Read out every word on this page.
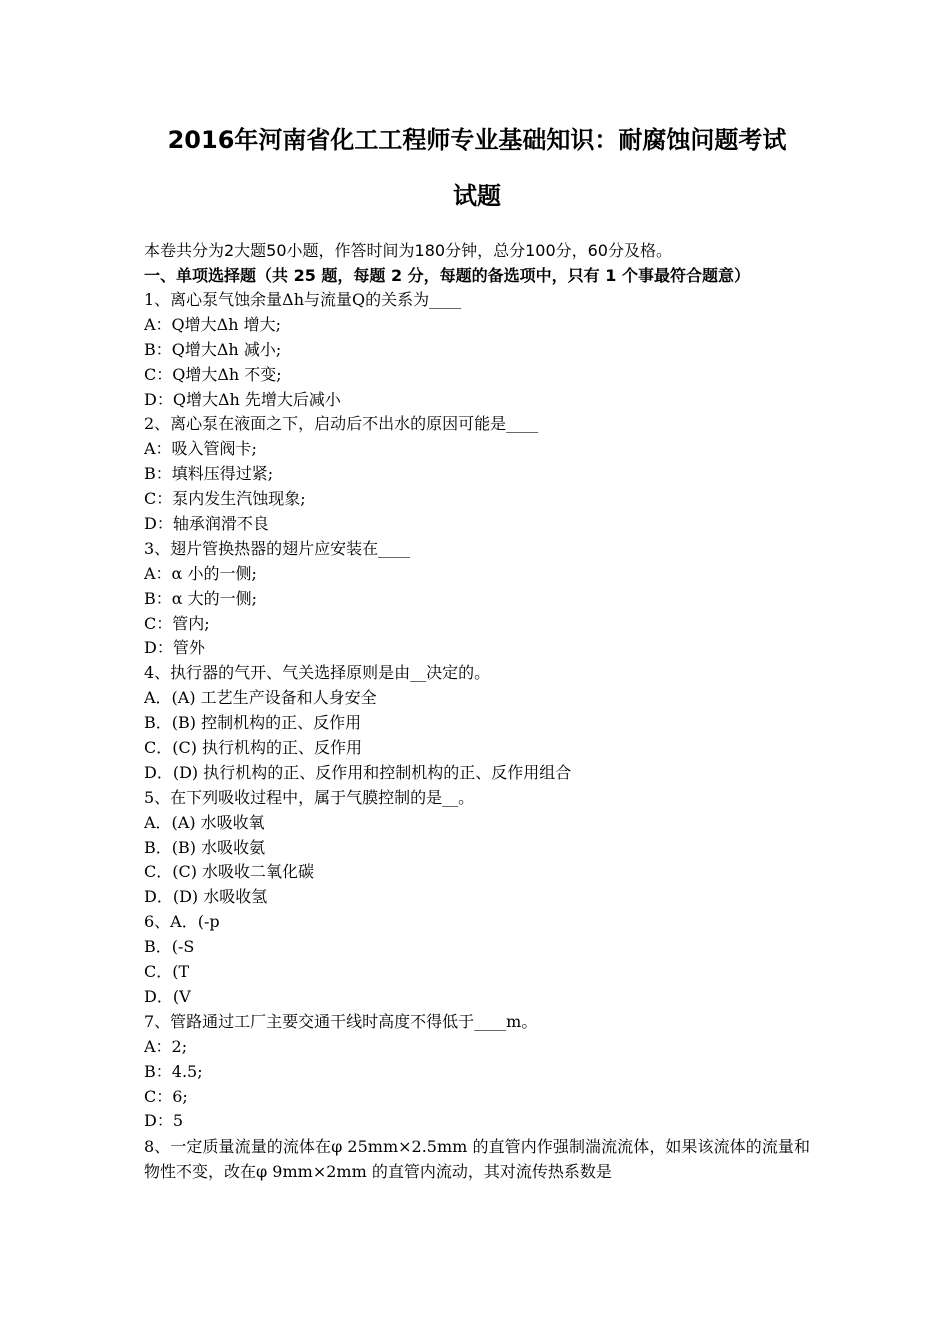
2016年河南省化工工程师专业基础知识：耐腐蚀问题考试
试题
本卷共分为2大题50小题，作答时间为180分钟，总分100分，60分及格。
一、单项选择题（共 25 题，每题 2 分，每题的备选项中，只有 1 个事最符合题意）
1、离心泵气蚀余量Δh与流量Q的关系为____
A：Q增大Δh 增大;
B：Q增大Δh 减小;
C：Q增大Δh 不变;
D：Q增大Δh 先增大后减小
2、离心泵在液面之下，启动后不出水的原因可能是____
A：吸入管阀卡;
B：填料压得过紧;
C：泵内发生汽蚀现象;
D：轴承润滑不良
3、翅片管换热器的翅片应安装在____
A：α 小的一侧;
B：α 大的一侧;
C：管内;
D：管外
4、执行器的气开、气关选择原则是由__决定的。
A．(A) 工艺生产设备和人身安全
B．(B) 控制机构的正、反作用
C．(C) 执行机构的正、反作用
D．(D) 执行机构的正、反作用和控制机构的正、反作用组合
5、在下列吸收过程中，属于气膜控制的是__。
A．(A) 水吸收氧
B．(B) 水吸收氨
C．(C) 水吸收二氧化碳
D．(D) 水吸收氢
6、A．(-p
B．(-S
C．(T
D．(V
7、管路通过工厂主要交通干线时高度不得低于____m。
A：2;
B：4.5;
C：6;
D：5
8、一定质量流量的流体在φ 25mm×2.5mm 的直管内作强制湍流流体，如果该流体的流量和物性不变，改在φ 9mm×2mm 的直管内流动，其对流传热系数是
